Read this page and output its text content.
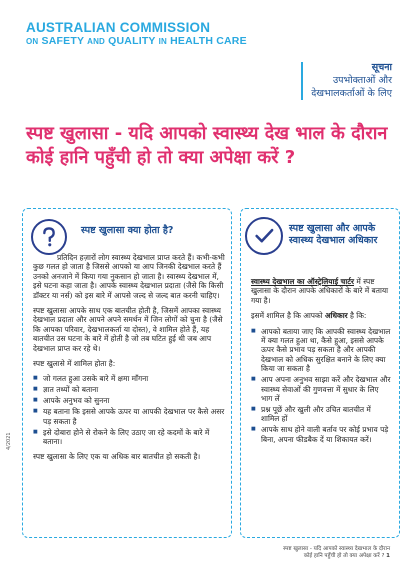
AUSTRALIAN COMMISSION
ON SAFETY AND QUALITY IN HEALTH CARE
सूचना
उपभोक्ताओं और
देखभालकर्ताओं के लिए
स्पष्ट खुलासा - यदि आपको स्वास्थ्य देख भाल के दौरान कोई हानि पहुँची हो तो क्या अपेक्षा करें ?
स्पष्ट खुलासा क्या होता है?

प्रतिदिन हज़ारों लोग स्वास्थ्य देखभाल प्राप्त करते हैं। कभी-कभी कुछ गलत हो जाता है जिससे आपको या आप जिनकी देखभाल करते हैं उनको अनजाने में किया गया नुकसान हो जाता है। स्वास्थ्य देखभाल में, इसे घटना कहा जाता है। आपके स्वास्थ्य देखभाल प्रदाता (जैसे कि किसी डॉक्टर या नर्स) को इस बारे में आपसे जल्द से जल्द बात करनी चाहिए।

स्पष्ट खुलासा आपके साथ एक बातचीत होती है, जिसमें आपका स्वास्थ्य देखभाल प्रदाता और आपने अपने समर्थन में जिन लोगों को चुना है (जैसे कि आपका परिवार, देखभालकर्ता या दोस्त), वे शामिल होते हैं, यह बातचीत उस घटना के बारे में होती है जो तब घटित हुई थी जब आप देखभाल प्राप्त कर रहे थे।

स्पष्ट खुलासे में शामिल होता है:

■ जो गलत हुआ उसके बारे में क्षमा माँगना
■ ज्ञात तथ्यों को बताना
■ आपके अनुभव को सुनना
■ यह बताना कि इससे आपके ऊपर या आपकी देखभाल पर कैसे असर पड़ सकता है
■ इसे दोबारा होने से रोकने के लिए उठाए जा रहे कदमों के बारे में बताना।

स्पष्ट खुलासा के लिए एक या अधिक बार बातचीत हो सकती है।

स्पष्ट खुलासा और आपके स्वास्थ्य देखभाल अधिकार

स्वास्थ्य देखभाल का ऑस्ट्रेलियाई चार्टर में स्पष्ट खुलासा के दौरान आपके अधिकारों के बारे में बताया गया है।

इसमें शामिल है कि आपको अधिकार है कि:

■ आपको बताया जाए कि आपकी स्वास्थ्य देखभाल में क्या गलत हुआ था, कैसे हुआ, इससे आपके ऊपर कैसे प्रभाव पड़ सकता है और आपकी देखभाल को अधिक सुरक्षित बनाने के लिए क्या किया जा सकता है
■ आप अपना अनुभव साझा करें और देखभाल और स्वास्थ्य सेवाओं की गुणवत्ता में सुधार के लिए भाग लें
■ प्रश्न पूछें और खुली और उचित बातचीत में शामिल हों
■ आपके साथ होने वाली बर्ताव पर कोई प्रभाव पड़े बिना, अपना फीडबैक दें या शिकायत करें।
4/2021
स्पष्ट खुलासा - यदि आपको स्वास्थ्य देखभाल के दौरान
कोई हानि पहुँची हो तो क्या अपेक्षा करें ? 1
